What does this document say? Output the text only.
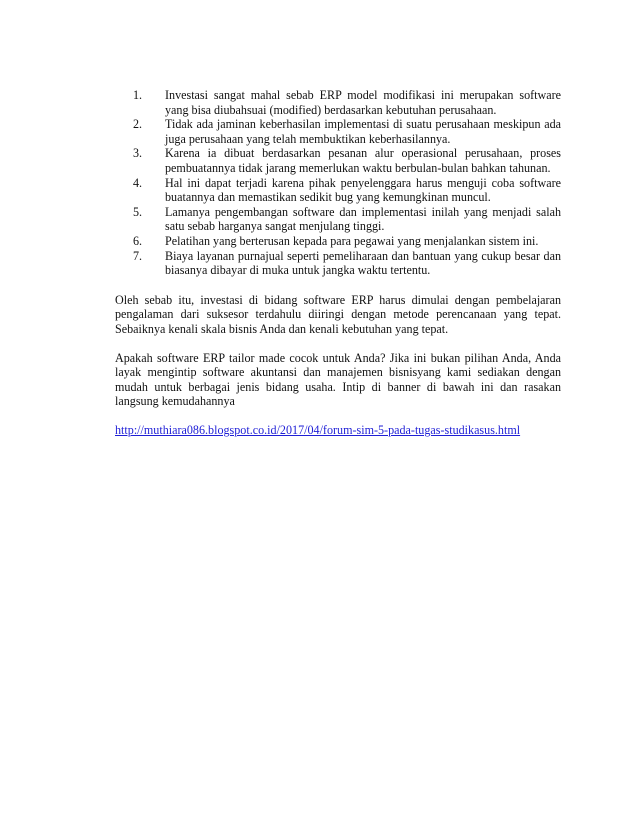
1.	Investasi sangat mahal sebab ERP model modifikasi ini merupakan software yang bisa diubahsuai (modified) berdasarkan kebutuhan perusahaan.
2.	Tidak ada jaminan keberhasilan implementasi di suatu perusahaan meskipun ada juga perusahaan yang telah membuktikan keberhasilannya.
3.	Karena ia dibuat berdasarkan pesanan alur operasional perusahaan, proses pembuatannya tidak jarang memerlukan waktu berbulan-bulan bahkan tahunan.
4.	Hal ini dapat terjadi karena pihak penyelenggara harus menguji coba software buatannya dan memastikan sedikit bug yang kemungkinan muncul.
5.	Lamanya pengembangan software dan implementasi inilah yang menjadi salah satu sebab harganya sangat menjulang tinggi.
6.	Pelatihan yang berterusan kepada para pegawai yang menjalankan sistem ini.
7.	Biaya layanan purnajual seperti pemeliharaan dan bantuan yang cukup besar dan biasanya dibayar di muka untuk jangka waktu tertentu.

Oleh sebab itu, investasi di bidang software ERP harus dimulai dengan pembelajaran pengalaman dari suksesor terdahulu diiringi dengan metode perencanaan yang tepat. Sebaiknya kenali skala bisnis Anda dan kenali kebutuhan yang tepat.

Apakah software ERP tailor made cocok untuk Anda? Jika ini bukan pilihan Anda, Anda layak mengintip software akuntansi dan manajemen bisnisyang kami sediakan dengan mudah untuk berbagai jenis bidang usaha. Intip di banner di bawah ini dan rasakan langsung kemudahannya

http://muthiara086.blogspot.co.id/2017/04/forum-sim-5-pada-tugas-studikasus.html
